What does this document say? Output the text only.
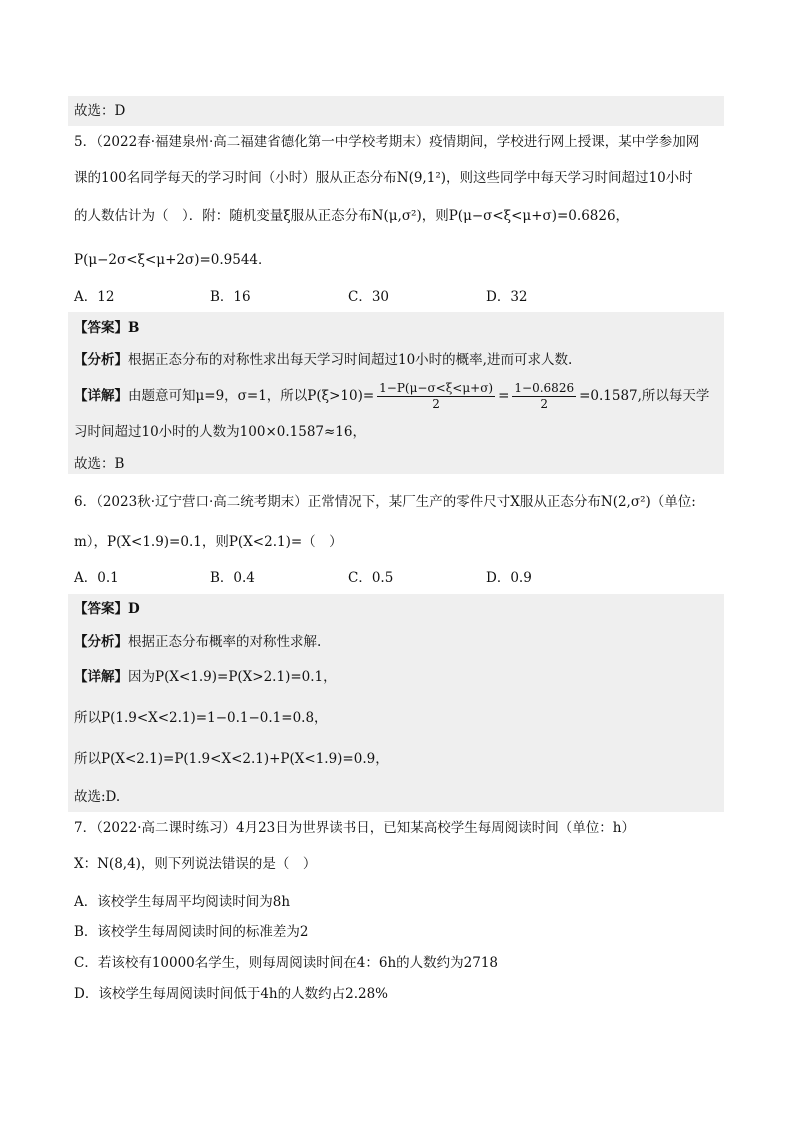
故选：D
5．（2022春·福建泉州·高二福建省德化第一中学校考期末）疫情期间，学校进行网上授课，某中学参加网
课的100名同学每天的学习时间（小时）服从正态分布N(9,1²)，则这些同学中每天学习时间超过10小时
的人数估计为（　）．附：随机变量ξ服从正态分布N(μ,σ²)，则P(μ−σ<ξ<μ+σ)=0.6826，
P(μ−2σ<ξ<μ+2σ)=0.9544．
A．12	B．16	C．30	D．32
【答案】B
【分析】根据正态分布的对称性求出每天学习时间超过10小时的概率,进而可求人数.
【详解】由题意可知μ=9，σ=1，所以$P(\xi>10)= \frac{1-P(\mu-\sigma<\xi<\mu+\sigma)}{2} = \frac{1-0.6826}{2} =0.1587$,所以每天学
习时间超过10小时的人数为100×0.1587≈16，
故选：B
6．（2023秋·辽宁营口·高二统考期末）正常情况下，某厂生产的零件尺寸X服从正态分布N(2,σ²)（单位:
m），P(X<1.9)=0.1，则P(X<2.1)=（　）
A．0.1	B．0.4	C．0.5	D．0.9
【答案】D
【分析】根据正态分布概率的对称性求解.
【详解】因为P(X<1.9)=P(X>2.1)=0.1，
所以P(1.9<X<2.1)=1−0.1−0.1=0.8，
所以P(X<2.1)=P(1.9<X<2.1)+P(X<1.9)=0.9，
故选:D.
7．（2022·高二课时练习）4月23日为世界读书日，已知某高校学生每周阅读时间（单位：h）
X：N(8,4)，则下列说法错误的是（　）
A．该校学生每周平均阅读时间为8h
B．该校学生每周阅读时间的标准差为2
C．若该校有10000名学生，则每周阅读时间在4：6h的人数约为2718
D．该校学生每周阅读时间低于4h的人数约占2.28%
